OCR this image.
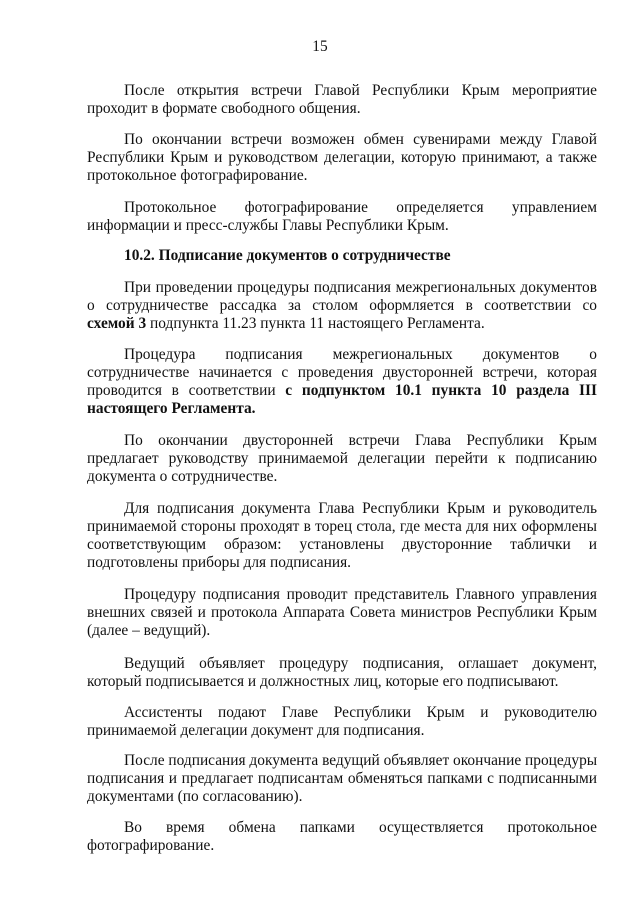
15
После открытия встречи Главой Республики Крым мероприятие
проходит в формате свободного общения.
По окончании встречи возможен обмен сувенирами между Главой
Республики Крым и руководством делегации, которую принимают, а также
протокольное фотографирование.
Протокольное фотографирование определяется управлением
информации и пресс-службы Главы Республики Крым.
10.2. Подписание документов о сотрудничестве
При проведении процедуры подписания межрегиональных документов
о сотрудничестве рассадка за столом оформляется в соответствии со
схемой 3 подпункта 11.23 пункта 11 настоящего Регламента.
Процедура подписания межрегиональных документов о
сотрудничестве начинается с проведения двусторонней встречи, которая
проводится в соответствии с подпунктом 10.1 пункта 10 раздела III
настоящего Регламента.
По окончании двусторонней встречи Глава Республики Крым
предлагает руководству принимаемой делегации перейти к подписанию
документа о сотрудничестве.
Для подписания документа Глава Республики Крым и руководитель
принимаемой стороны проходят в торец стола, где места для них оформлены
соответствующим образом: установлены двусторонние таблички и
подготовлены приборы для подписания.
Процедуру подписания проводит представитель Главного управления
внешних связей и протокола Аппарата Совета министров Республики Крым
(далее – ведущий).
Ведущий объявляет процедуру подписания, оглашает документ,
который подписывается и должностных лиц, которые его подписывают.
Ассистенты подают Главе Республики Крым и руководителю
принимаемой делегации документ для подписания.
После подписания документа ведущий объявляет окончание процедуры
подписания и предлагает подписантам обменяться папками с подписанными
документами (по согласованию).
Во время обмена папками осуществляется протокольное
фотографирование.
